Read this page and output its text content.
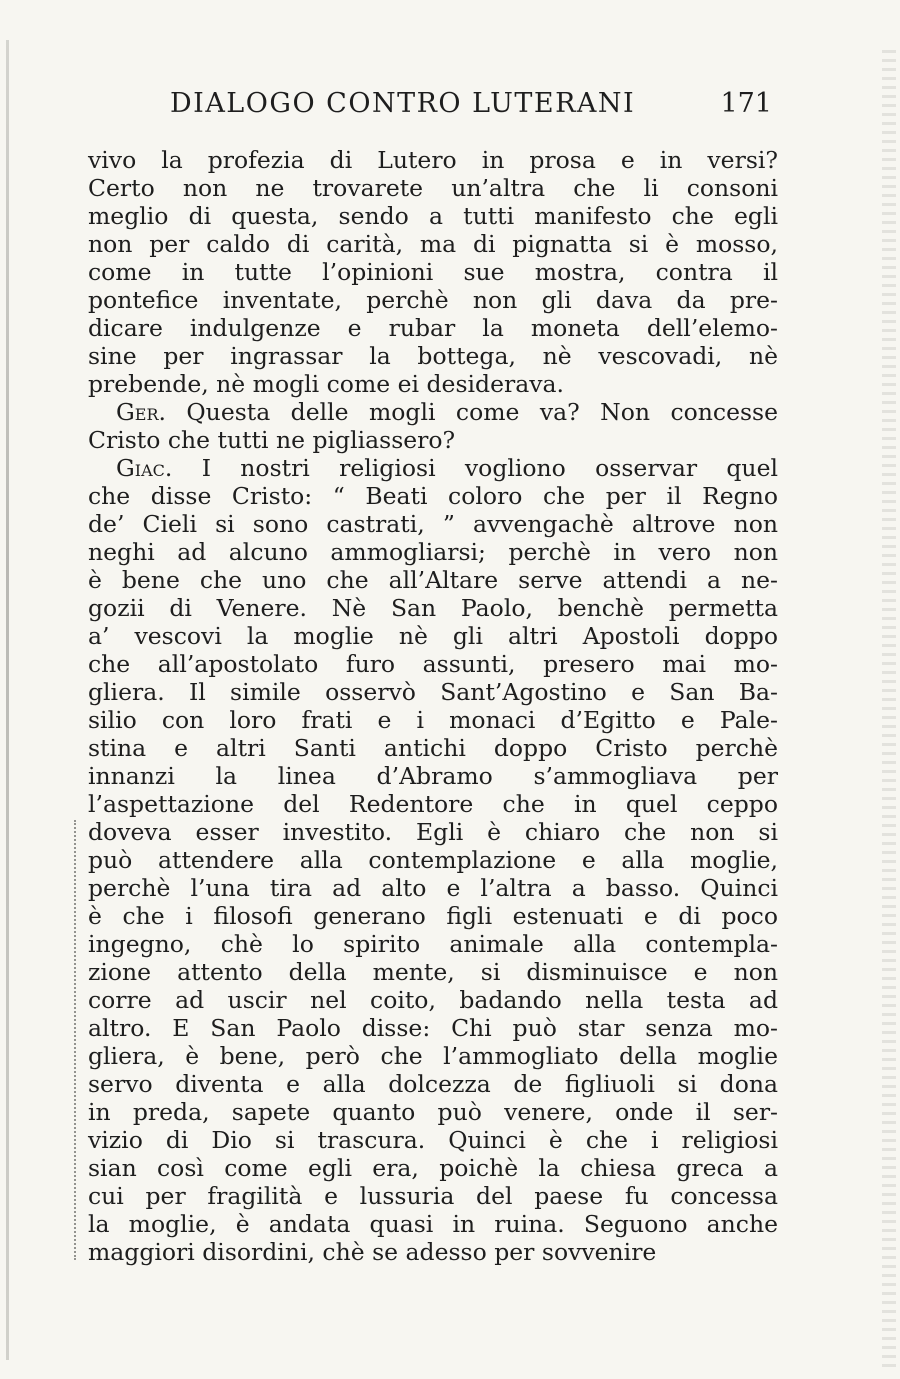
DIALOGO CONTRO LUTERANI	171
vivo la profezia di Lutero in prosa e in versi?
Certo non ne trovarete un’altra che li consoni
meglio di questa, sendo a tutti manifesto che egli
non per caldo di carità, ma di pignatta si è mosso,
come in tutte l’opinioni sue mostra, contra il
pontefice inventate, perchè non gli dava da pre-
dicare indulgenze e rubar la moneta dell’elemo-
sine per ingrassar la bottega, nè vescovadi, nè
prebende, nè mogli come ei desiderava.
Ger. Questa delle mogli come va? Non concesse
Cristo che tutti ne pigliassero?
Giac. I nostri religiosi vogliono osservar quel
che disse Cristo: “ Beati coloro che per il Regno
de’ Cieli si sono castrati, ” avvengachè altrove non
neghi ad alcuno ammogliarsi; perchè in vero non
è bene che uno che all’Altare serve attendi a ne-
gozii di Venere. Nè San Paolo, benchè permetta
a’ vescovi la moglie nè gli altri Apostoli doppo
che all’apostolato furo assunti, presero mai mo-
gliera. Il simile osservò Sant’Agostino e San Ba-
silio con loro frati e i monaci d’Egitto e Pale-
stina e altri Santi antichi doppo Cristo perchè
innanzi la linea d’Abramo s’ammogliava per
l’aspettazione del Redentore che in quel ceppo
doveva esser investito. Egli è chiaro che non si
può attendere alla contemplazione e alla moglie,
perchè l’una tira ad alto e l’altra a basso. Quinci
è che i filosofi generano figli estenuati e di poco
ingegno, chè lo spirito animale alla contempla-
zione attento della mente, si disminuisce e non
corre ad uscir nel coito, badando nella testa ad
altro. E San Paolo disse: Chi può star senza mo-
gliera, è bene, però che l’ammogliato della moglie
servo diventa e alla dolcezza de figliuoli si dona
in preda, sapete quanto può venere, onde il ser-
vizio di Dio si trascura. Quinci è che i religiosi
sian così come egli era, poichè la chiesa greca a
cui per fragilità e lussuria del paese fu concessa
la moglie, è andata quasi in ruina. Seguono anche
maggiori disordini, chè se adesso per sovvenire
